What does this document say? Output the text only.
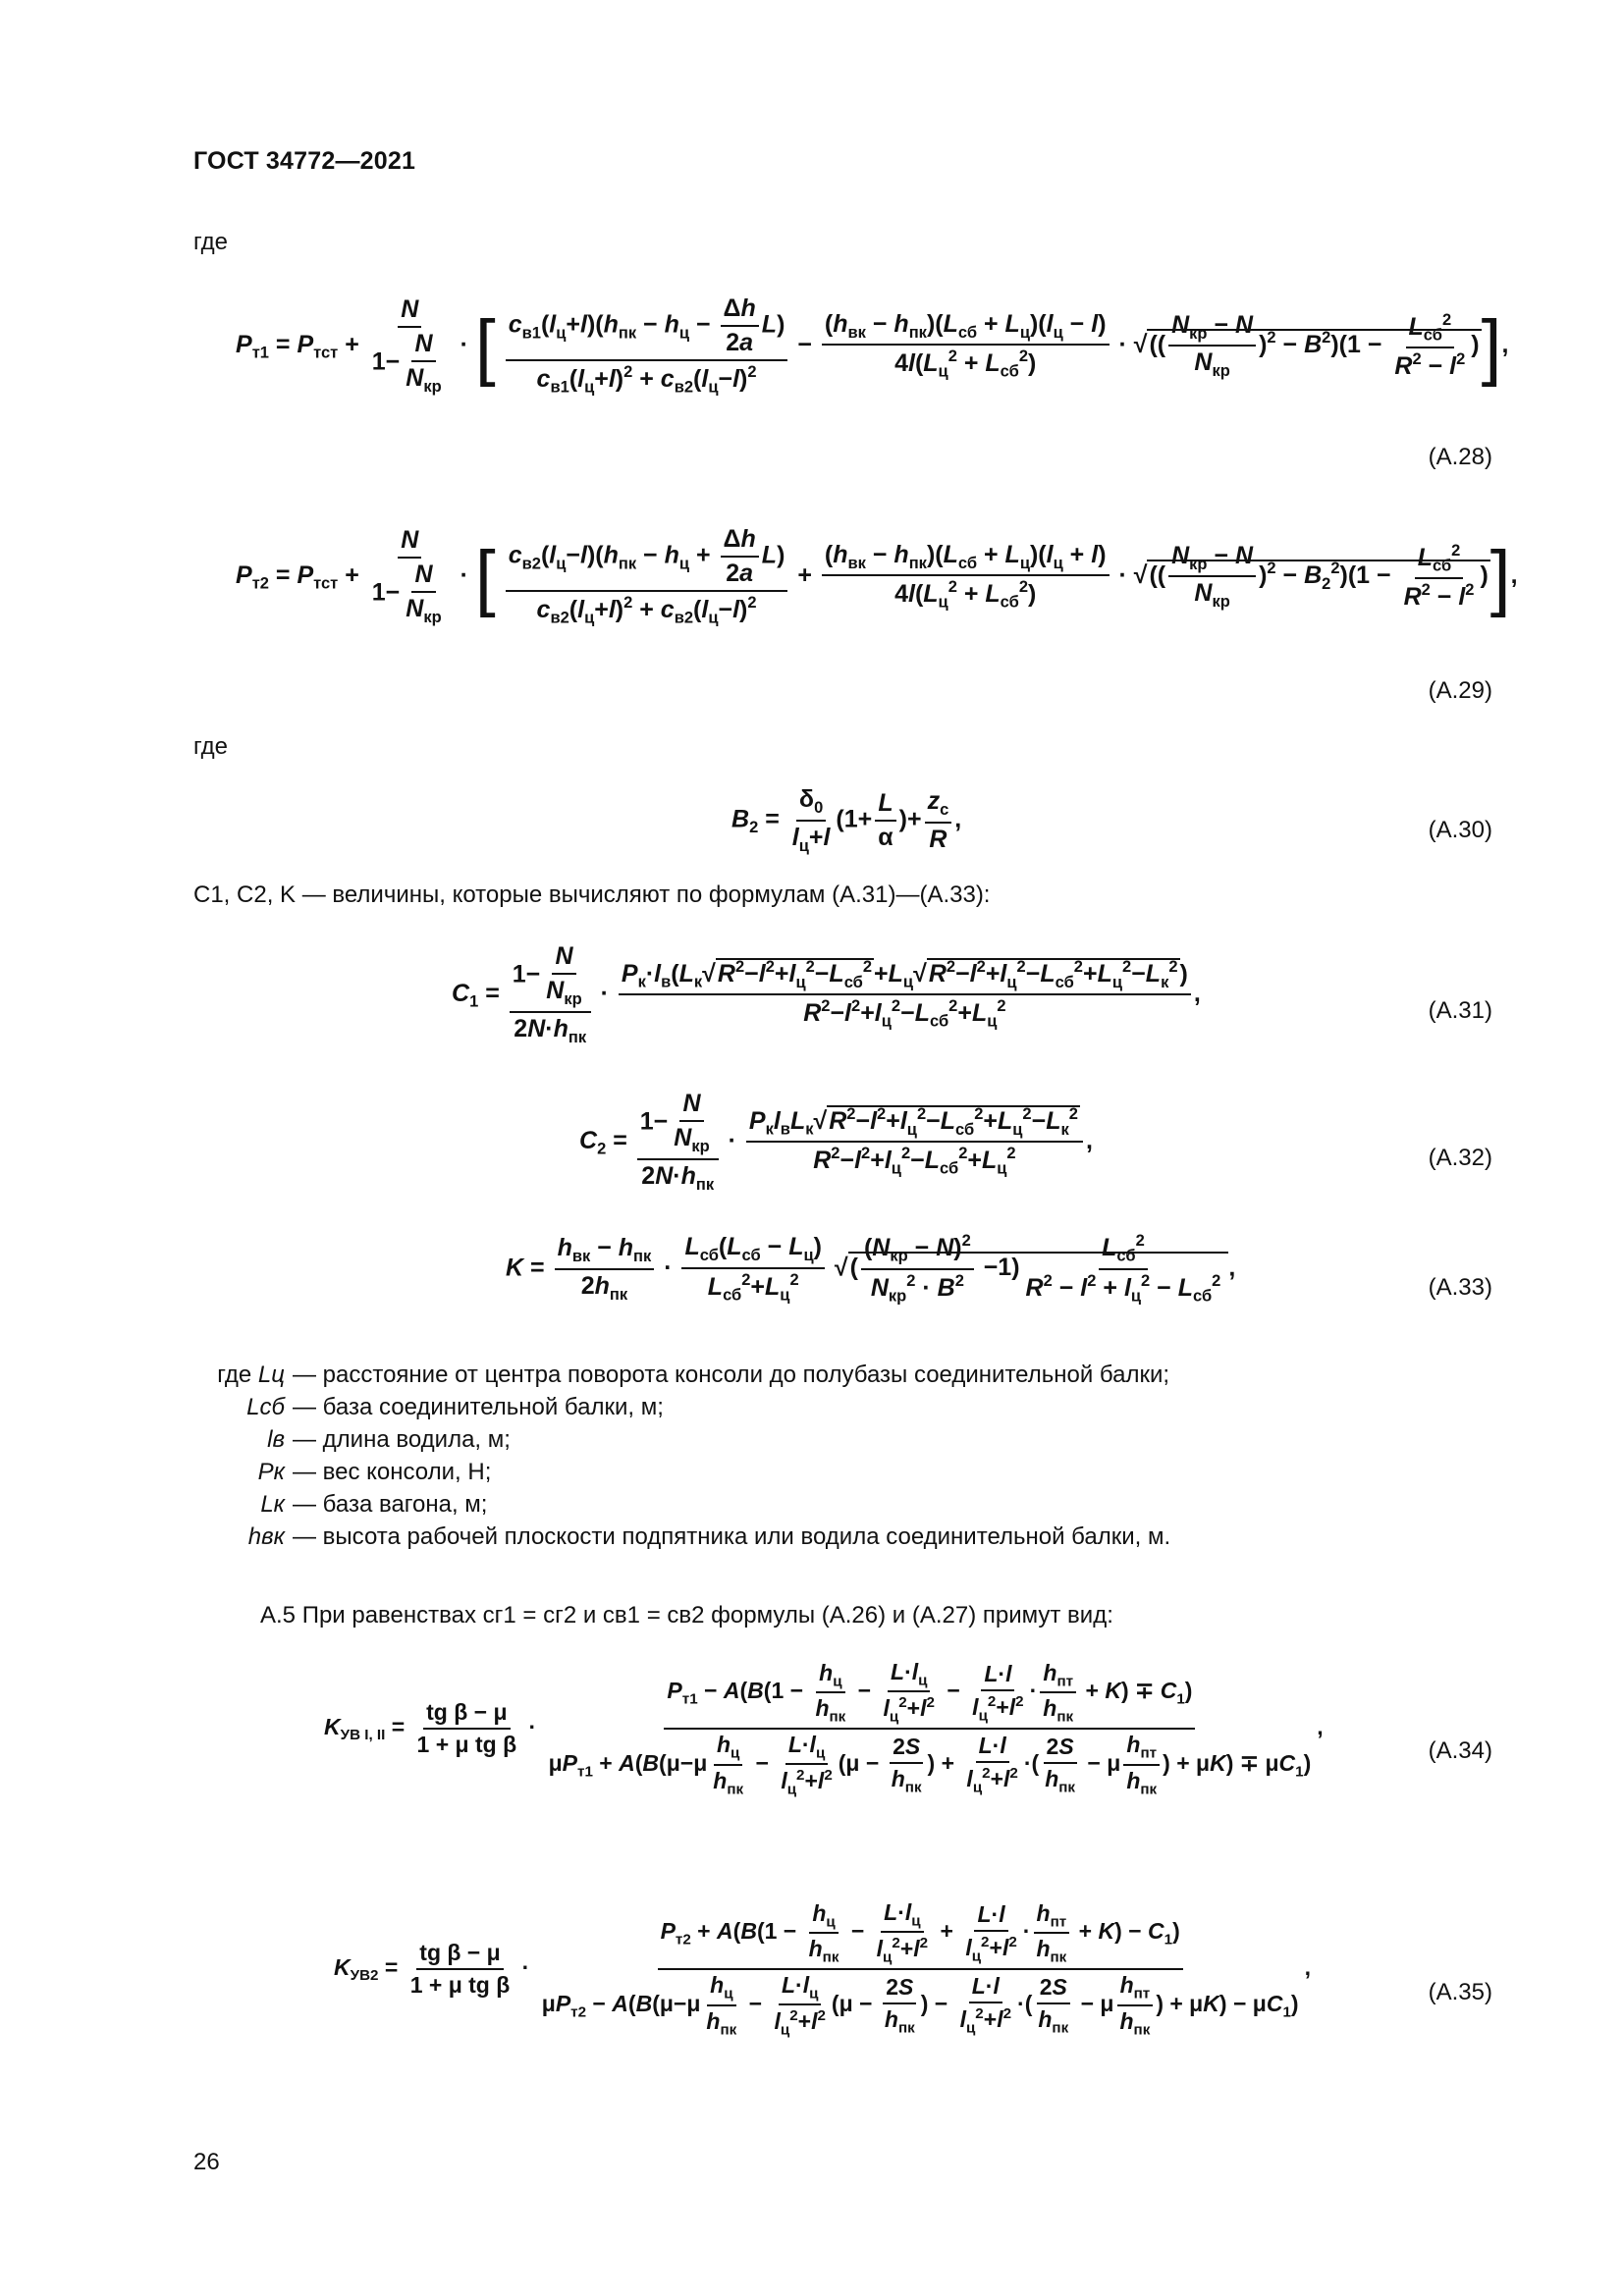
ГОСТ 34772—2021
где
$P_{т1} = P_{тст} + \frac{N}{1- \frac{N}{N_{кр}}}$ · [ $\frac{c_{в1}(l_ц+l)(h_{пк} - h_ц - \frac{\Delta h}{2a} L)}{c_{в1}(l_ц+l)^2 + c_{в2}(l_ц-l)^2} - \frac{(h_{вк} - h_{пк})(L_{сб} + L_ц)(l_ц - l)}{4l(L_ц^2 + L_{сб}^2)}$ · √(( $\frac{N_{кр} - N}{N_{кр}} )^2 - B^2)(1 - \frac{L_{сб}^2}{R^2 - l^2}$ )],
(A.28)
$P_{т2} = P_{тст} + \frac{N}{1- \frac{N}{N_{кр}}}$ · [ $\frac{c_{в2}(l_ц-l)(h_{пк} - h_ц + \frac{\Delta h}{2a} L)}{c_{в2}(l_ц+l)^2 + c_{в2}(l_ц-l)^2} + \frac{(h_{вк} - h_{пк})(L_{сб} + L_ц)(l_ц + l)}{4l(L_ц^2 + L_{сб}^2)}$ · √(( $\frac{N_{кр} - N}{N_{кр}} )^2 - B_2^2)(1 - \frac{L_{сб}^2}{R^2 - l^2}$ )],
(A.29)
где
$B_2 = \frac{\delta_0}{l_ц+l} (1+ \frac{L}{\alpha}$ )+ $\frac{z_c}{R}$ ,	(A.30)
C1, C2, K — величины, которые вычисляют по формулам (А.31)—(А.33):
$C_1 = \frac{1- \frac{N}{N_{кр}}}{2N\cdot h_{пк}} \cdot \frac{P_к\cdot l_в(L_к√R^2-l^2+l_ц^2-L_{сб}^2+L_ц√R^2-l^2+l_ц^2-L_{сб}^2+L_ц^2-L_к^2)}{R^2-l^2+l_ц^2-L_{сб}^2+L_ц^2}$ ,
(A.31)
$C_2 = \frac{1- \frac{N}{N_{кр}}}{2N\cdot h_{пк}} \cdot \frac{P_кl_вL_к√R^2-l^2+l_ц^2-L_{сб}^2+L_ц^2-L_к^2}{R^2-l^2+l_ц^2-L_{сб}^2+L_ц^2}$ ,
(A.32)
$K = \frac{h_{вк} - h_{пк}}{2h_{пк}} \cdot \frac{L_{сб}(L_{сб} - L_ц)}{L_{сб}^2+L_ц^2}$ √( $\frac{(N_{кр} - N)^2}{N_{кр}^2 \cdot B^2} -1) \frac{L_{сб}^2}{R^2 - l^2 + l_ц^2 - L_{сб}^2}$ ,
(A.33)
где Lц — расстояние от центра поворота консоли до полубазы соединительной балки;
Lсб — база соединительной балки, м;
lв — длина водила, м;
Pк — вес консоли, Н;
Lк — база вагона, м;
hвк — высота рабочей плоскости подпятника или водила соединительной балки, м.
А.5 При равенствах cг1 = cг2 и cв1 = cв2 формулы (А.26) и (А.27) примут вид:
$K_{УВ I, II} = \frac{\text{tg β − μ}}{\text{1 + μ tg β}}$ ·
$P_{т1} - A(B(1 - \frac{h_ц}{h_{пк}} - \frac{L\cdot l_ц}{l_ц^2+l^2} - \frac{L\cdot l}{l_ц^2+l^2} \cdot \frac{h_{пт}}{h_{пк}} + K) \mp C_1)$
$\mu P_{т1} + A(B(\mu-\mu \frac{h_ц}{h_{пк}} - \frac{L\cdot l_ц}{l_ц^2+l^2} (\mu - \frac{2S}{h_{пк}}$ ) + $\frac{L\cdot l}{l_ц^2+l^2}$ ·( $\frac{2S}{h_{пк}} - \mu \frac{h_{пт}}{h_{пк}}$ ) + $\mu K) \mp \mu C_1$)
,
(A.34)
$K_{УВ2} = \frac{\text{tg β − μ}}{\text{1 + μ tg β}}$ ·
$P_{т2} + A(B(1 - \frac{h_ц}{h_{пк}} - \frac{L\cdot l_ц}{l_ц^2+l^2} + \frac{L\cdot l}{l_ц^2+l^2} \cdot \frac{h_{пт}}{h_{пк}} + K) - C_1)$
$\mu P_{т2} - A(B(\mu-\mu \frac{h_ц}{h_{пк}} - \frac{L\cdot l_ц}{l_ц^2+l^2} (\mu - \frac{2S}{h_{пк}}$ ) − $\frac{L\cdot l}{l_ц^2+l^2}$ ·( $\frac{2S}{h_{пк}} - \mu \frac{h_{пт}}{h_{пк}}$ ) + $\mu K) - \mu C_1$)
,
(A.35)
26
